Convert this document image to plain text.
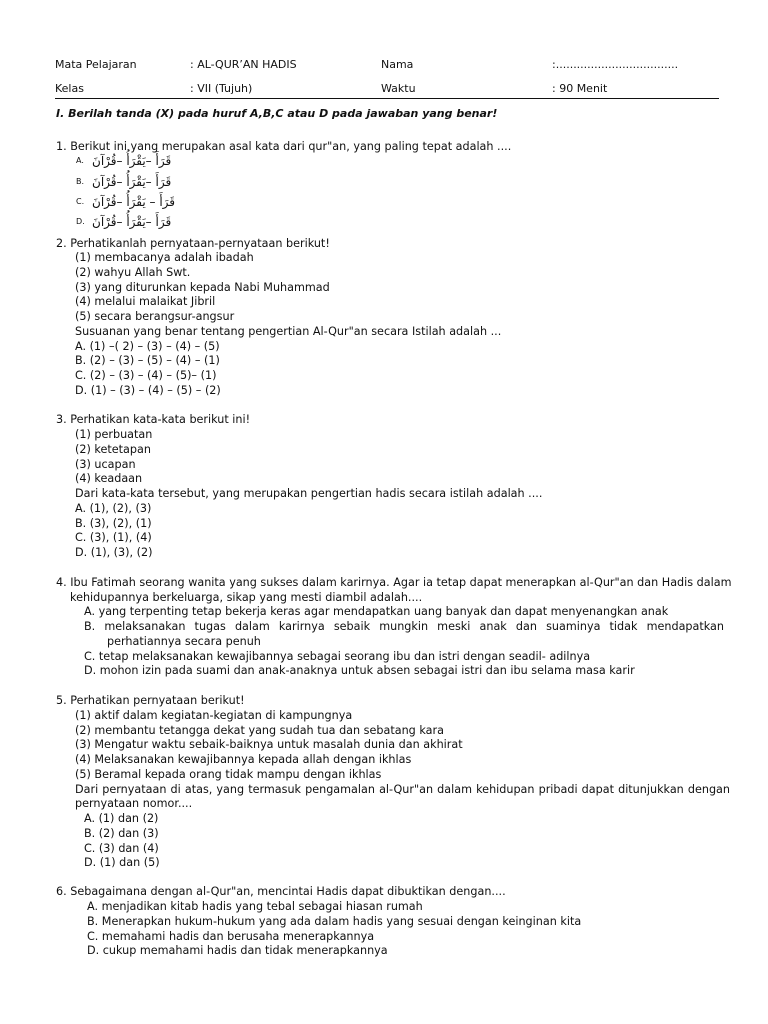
Mata Pelajaran	: AL-QUR’AN HADIS	Nama	:...................................
Kelas	: VII (Tujuh)	Waktu	: 90 Menit
I. Berilah tanda (X) pada huruf A,B,C atau D pada jawaban yang benar!
1. Berikut ini yang merupakan asal kata dari qur"an, yang paling tepat adalah ....
A. قَرَأَ –يَقْرَأُ –قُرْآنَ
B. قَرَأَ –يَقْرَأُ –قُرْآنَ
C. قَرَأَ – يَقْرَأُ –قُرْآنَ
D. قَرَأَ –يَقْرَأُ –قُرْآنَ
2. Perhatikanlah pernyataan-pernyataan berikut!
(1) membacanya adalah ibadah
(2) wahyu Allah Swt.
(3) yang diturunkan kepada Nabi Muhammad
(4) melalui malaikat Jibril
(5) secara berangsur-angsur
Susuanan yang benar tentang pengertian Al-Qur"an secara Istilah adalah ...
A. (1) –( 2) – (3) – (4) – (5)
B. (2) – (3) – (5) – (4) – (1)
C. (2) – (3) – (4) – (5)– (1)
D. (1) – (3) – (4) – (5) – (2)
3. Perhatikan kata-kata berikut ini!
(1) perbuatan
(2) ketetapan
(3) ucapan
(4) keadaan
Dari kata-kata tersebut, yang merupakan pengertian hadis secara istilah adalah ....
A. (1), (2), (3)
B. (3), (2), (1)
C. (3), (1), (4)
D. (1), (3), (2)
4. Ibu Fatimah seorang wanita yang sukses dalam karirnya. Agar ia tetap dapat menerapkan al-Qur"an dan Hadis dalam
kehidupannya berkeluarga, sikap yang mesti diambil adalah....
A. yang terpenting tetap bekerja keras agar mendapatkan uang banyak dan dapat menyenangkan anak
B. melaksanakan tugas dalam karirnya sebaik mungkin meski anak dan suaminya tidak mendapatkan
perhatiannya secara penuh
C. tetap melaksanakan kewajibannya sebagai seorang ibu dan istri dengan seadil- adilnya
D. mohon izin pada suami dan anak-anaknya untuk absen sebagai istri dan ibu selama masa karir
5. Perhatikan pernyataan berikut!
(1) aktif dalam kegiatan-kegiatan di kampungnya
(2) membantu tetangga dekat yang sudah tua dan sebatang kara
(3) Mengatur waktu sebaik-baiknya untuk masalah dunia dan akhirat
(4) Melaksanakan kewajibannya kepada allah dengan ikhlas
(5) Beramal kepada orang tidak mampu dengan ikhlas
Dari pernyataan di atas, yang termasuk pengamalan al-Qur"an dalam kehidupan pribadi dapat ditunjukkan dengan
pernyataan nomor....
A. (1) dan (2)
B. (2) dan (3)
C. (3) dan (4)
D. (1) dan (5)
6. Sebagaimana dengan al-Qur"an, mencintai Hadis dapat dibuktikan dengan....
A. menjadikan kitab hadis yang tebal sebagai hiasan rumah
B. Menerapkan hukum-hukum yang ada dalam hadis yang sesuai dengan keinginan kita
C. memahami hadis dan berusaha menerapkannya
D. cukup memahami hadis dan tidak menerapkannya
